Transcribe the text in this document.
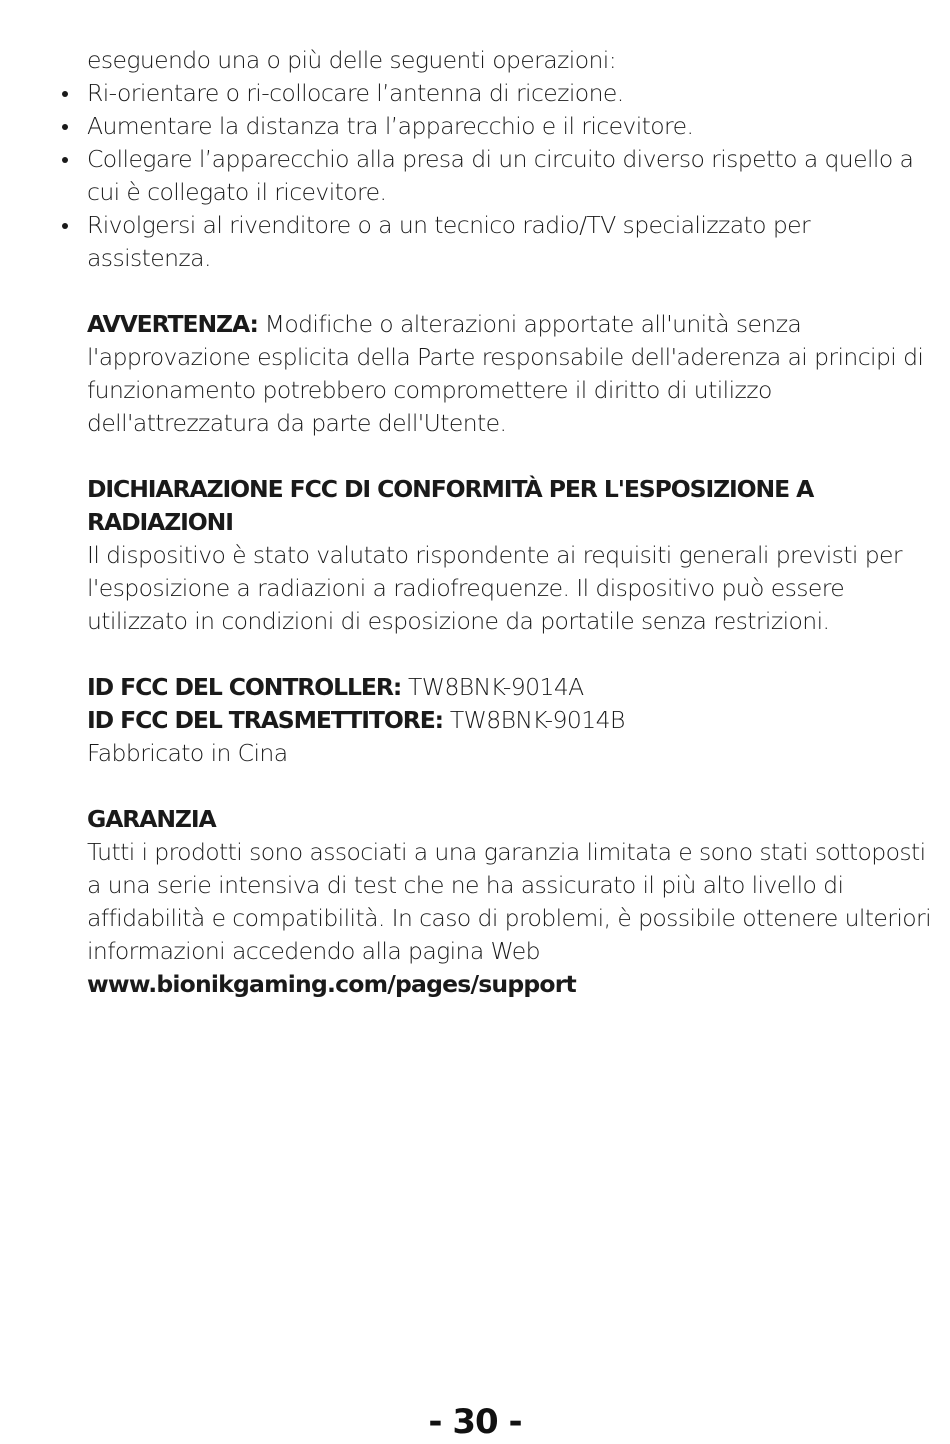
eseguendo una o più delle seguenti operazioni:

Ri-orientare o ri-collocare l’antenna di ricezione.
Aumentare la distanza tra l’apparecchio e il ricevitore.
Collegare l’apparecchio alla presa di un circuito diverso rispetto a quello a cui è collegato il ricevitore.
Rivolgersi al rivenditore o a un tecnico radio/TV specializzato per assistenza.

AVVERTENZA: Modifiche o alterazioni apportate all'unità senza l'approvazione esplicita della Parte responsabile dell'aderenza ai principi di funzionamento potrebbero compromettere il diritto di utilizzo dell'attrezzatura da parte dell'Utente.

DICHIARAZIONE FCC DI CONFORMITÀ PER L'ESPOSIZIONE A RADIAZIONI

Il dispositivo è stato valutato rispondente ai requisiti generali previsti per l'esposizione a radiazioni a radiofrequenze. Il dispositivo può essere utilizzato in condizioni di esposizione da portatile senza restrizioni.

ID FCC DEL CONTROLLER: TW8BNK-9014A

ID FCC DEL TRASMETTITORE: TW8BNK-9014B

Fabbricato in Cina

GARANZIA

Tutti i prodotti sono associati a una garanzia limitata e sono stati sottoposti a una serie intensiva di test che ne ha assicurato il più alto livello di affidabilità e compatibilità. In caso di problemi, è possibile ottenere ulteriori informazioni accedendo alla pagina Web

www.bionikgaming.com/pages/support

- 30 -
